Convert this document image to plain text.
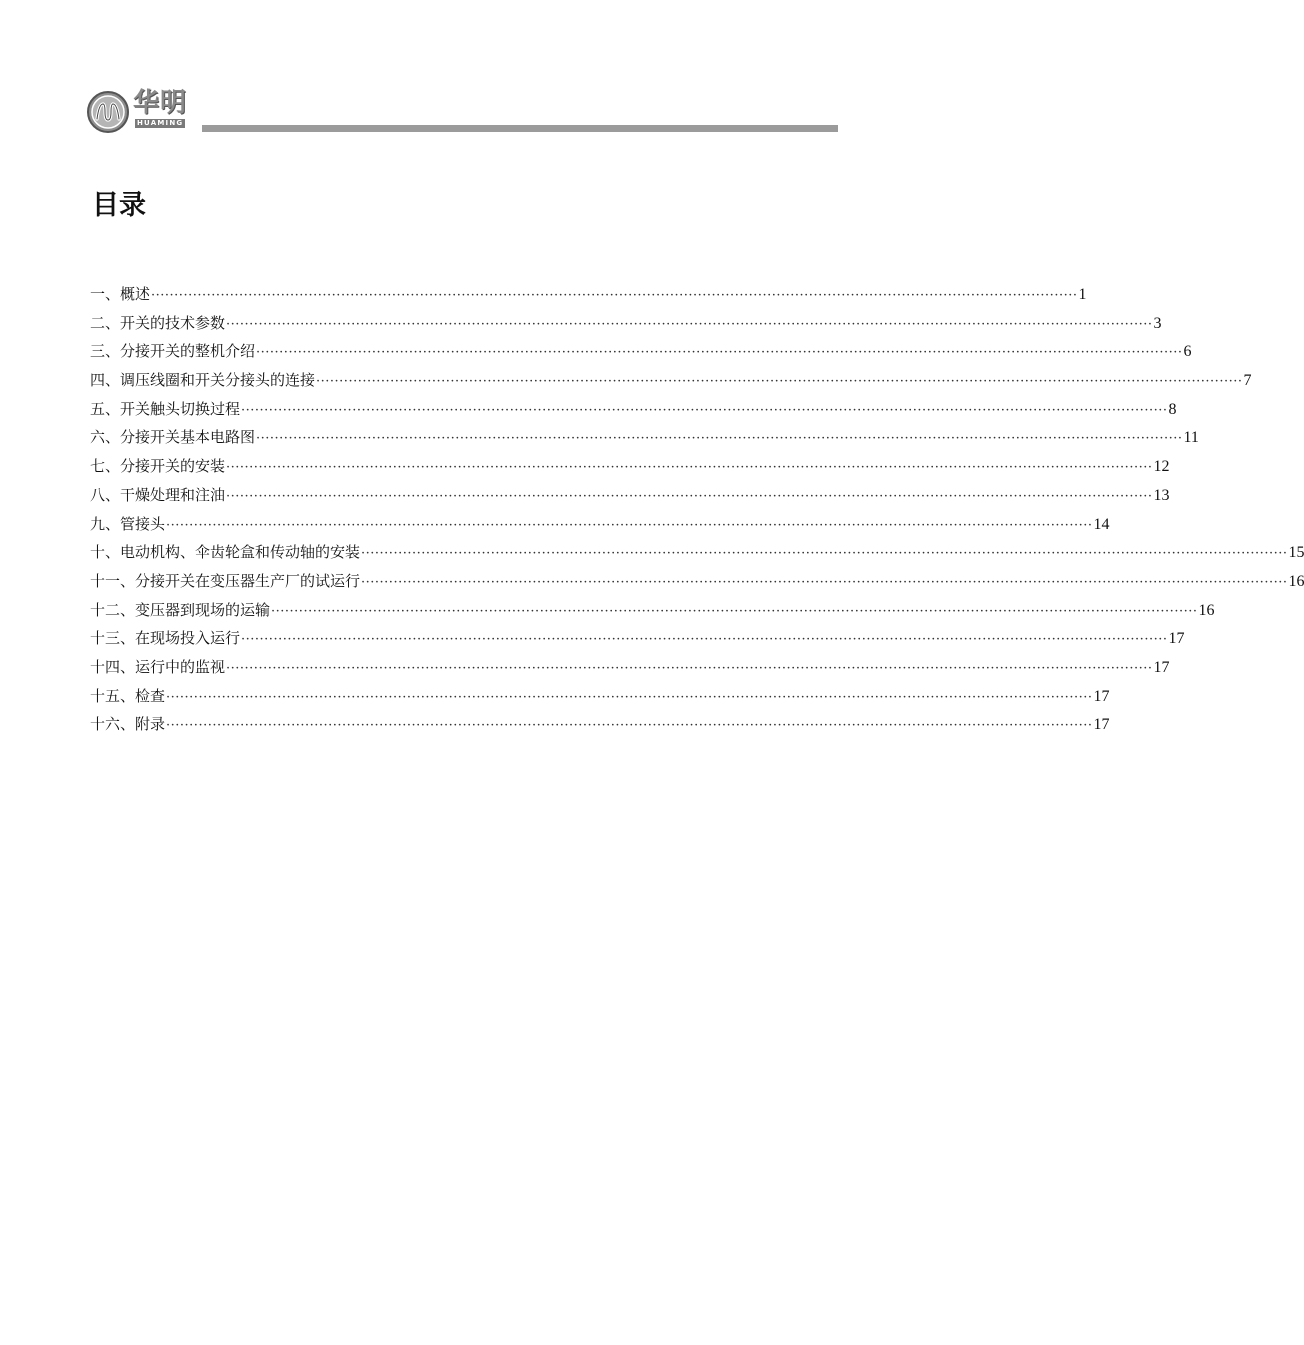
华明
HUAMING
目录
一、概述 ········································································································································································································ 1
二、开关的技术参数 ········································································································································································································ 3
三、分接开关的整机介绍 ········································································································································································································ 6
四、调压线圈和开关分接头的连接 ········································································································································································································ 7
五、开关触头切换过程 ········································································································································································································ 8
六、分接开关基本电路图 ········································································································································································································ 11
七、分接开关的安装 ········································································································································································································ 12
八、干燥处理和注油 ········································································································································································································ 13
九、管接头 ········································································································································································································ 14
十、电动机构、伞齿轮盒和传动轴的安装 ········································································································································································································ 15
十一、分接开关在变压器生产厂的试运行 ········································································································································································································ 16
十二、变压器到现场的运输 ········································································································································································································ 16
十三、在现场投入运行 ········································································································································································································ 17
十四、运行中的监视 ········································································································································································································ 17
十五、检查 ········································································································································································································ 17
十六、附录 ········································································································································································································ 17
